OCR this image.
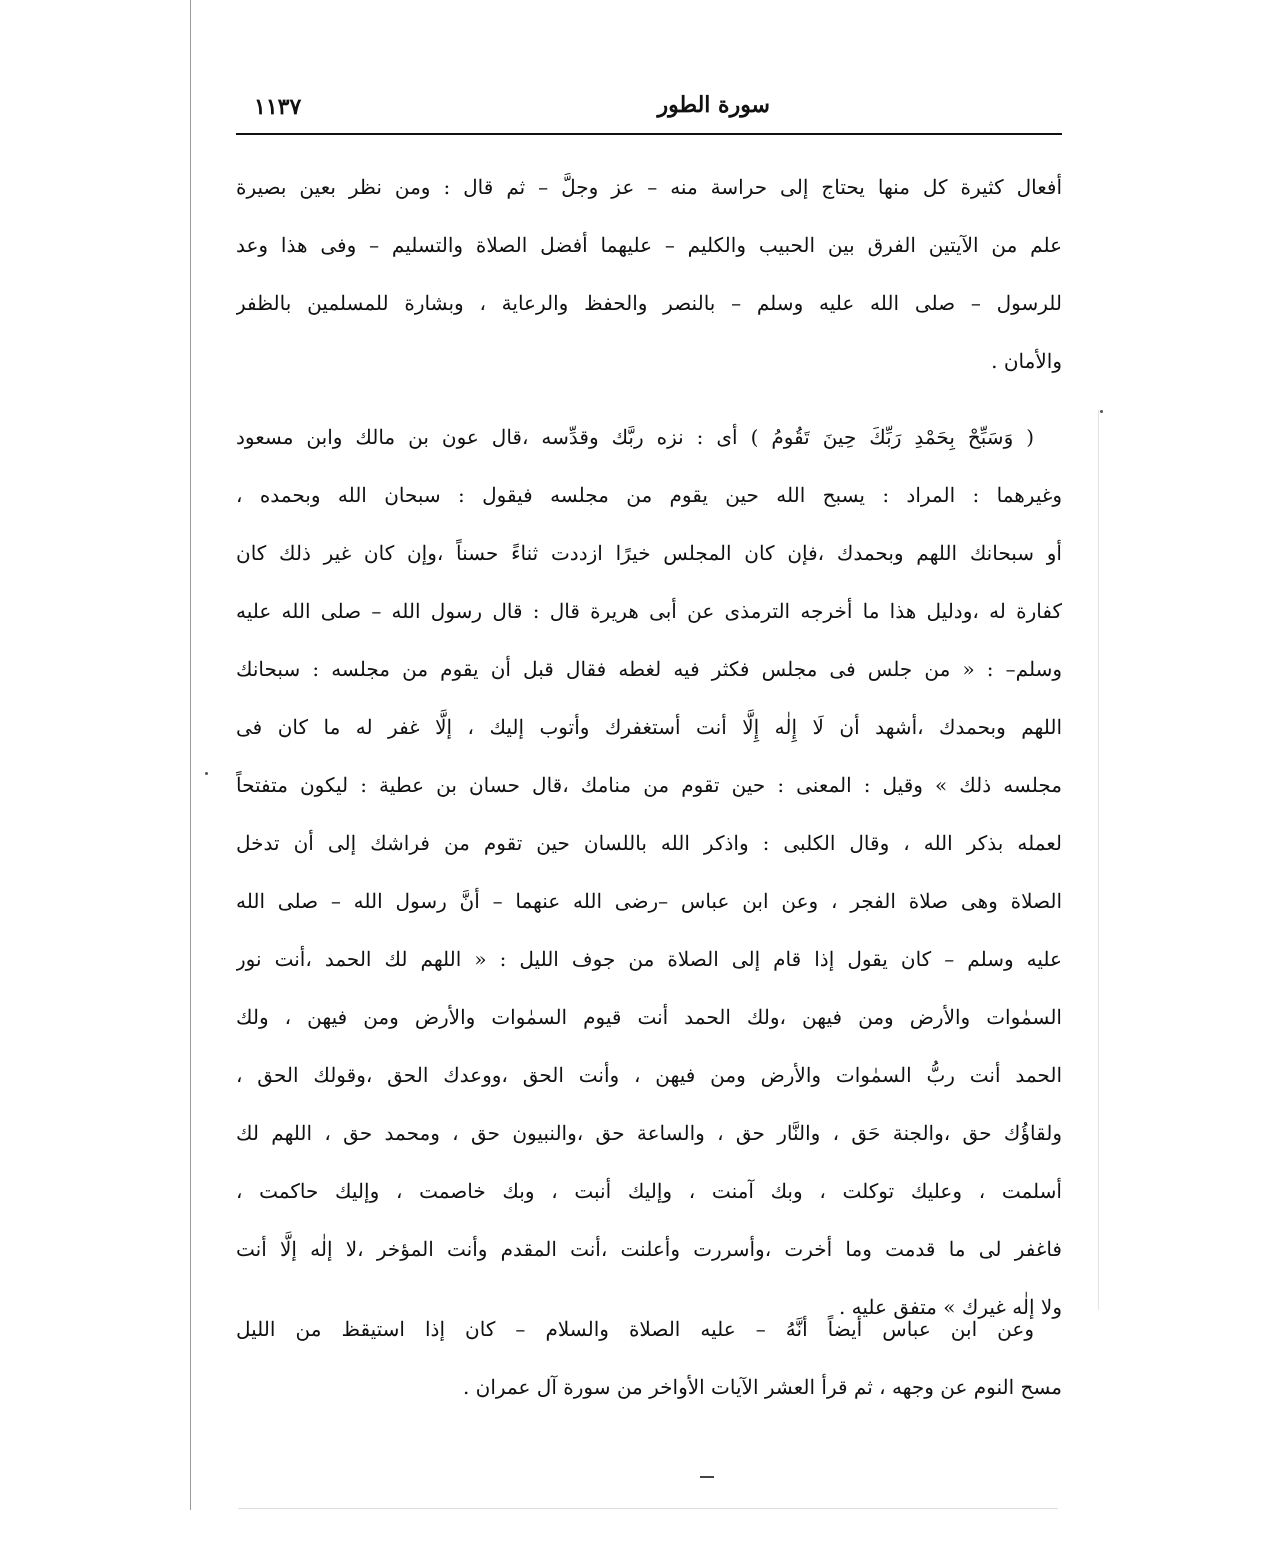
سورة الطور
١١٣٧
أفعال كثيرة كل منها يحتاج إلى حراسة منه – عز وجلَّ – ثم قال : ومن نظر بعين بصيرة
علم من الآيتين الفرق بين الحبيب والكليم – عليهما أفضل الصلاة والتسليم – وفى هذا وعد
للرسول – صلى الله عليه وسلم – بالنصر والحفظ والرعاية ، وبشارة للمسلمين بالظفر
والأمان .
( وَسَبِّحْ بِحَمْدِ رَبِّكَ حِينَ تَقُومُ ) أى : نزه ربَّك وقدِّسه ،قال عون بن مالك وابن مسعود
وغيرهما : المراد : يسبح الله حين يقوم من مجلسه فيقول : سبحان الله وبحمده ،
أو سبحانك اللهم وبحمدك ،فإن كان المجلس خيرًا ازددت ثناءً حسناً ،وإن كان غير ذلك كان
كفارة له ،ودليل هذا ما أخرجه الترمذى عن أبى هريرة قال : قال رسول الله – صلى الله عليه
وسلم– : « من جلس فى مجلس فكثر فيه لغطه فقال قبل أن يقوم من مجلسه : سبحانك
اللهم وبحمدك ،أشهد أن لَا إِلٰه إِلَّا أنت أستغفرك وأتوب إليك ، إلَّا غفر له ما كان فى
مجلسه ذلك » وقيل : المعنى : حين تقوم من منامك ،قال حسان بن عطية : ليكون متفتحاً
لعمله بذكر الله ، وقال الكلبى : واذكر الله باللسان حين تقوم من فراشك إلى أن تدخل
الصلاة وهى صلاة الفجر ، وعن ابن عباس –رضى الله عنهما – أنَّ رسول الله – صلى الله
عليه وسلم – كان يقول إذا قام إلى الصلاة من جوف الليل : « اللهم لك الحمد ،أنت نور
السمٰوات والأرض ومن فيهن ،ولك الحمد أنت قيوم السمٰوات والأرض ومن فيهن ، ولك
الحمد أنت ربُّ السمٰوات والأرض ومن فيهن ، وأنت الحق ،ووعدك الحق ،وقولك الحق ،
ولقاؤُك حق ،والجنة حَق ، والنَّار حق ، والساعة حق ،والنبيون حق ، ومحمد حق ، اللهم لك
أسلمت ، وعليك توكلت ، وبك آمنت ، وإليك أنبت ، وبك خاصمت ، وإليك حاكمت ،
فاغفر لى ما قدمت وما أخرت ،وأسررت وأعلنت ،أنت المقدم وأنت المؤخر ،لا إلٰه إلَّا أنت
ولا إلٰه غيرك » متفق عليه .
وعن ابن عباس أيضاً أنَّهُ – عليه الصلاة والسلام – كان إذا استيقظ من الليل
مسح النوم عن وجهه ، ثم قرأ العشر الآيات الأواخر من سورة آل عمران .
